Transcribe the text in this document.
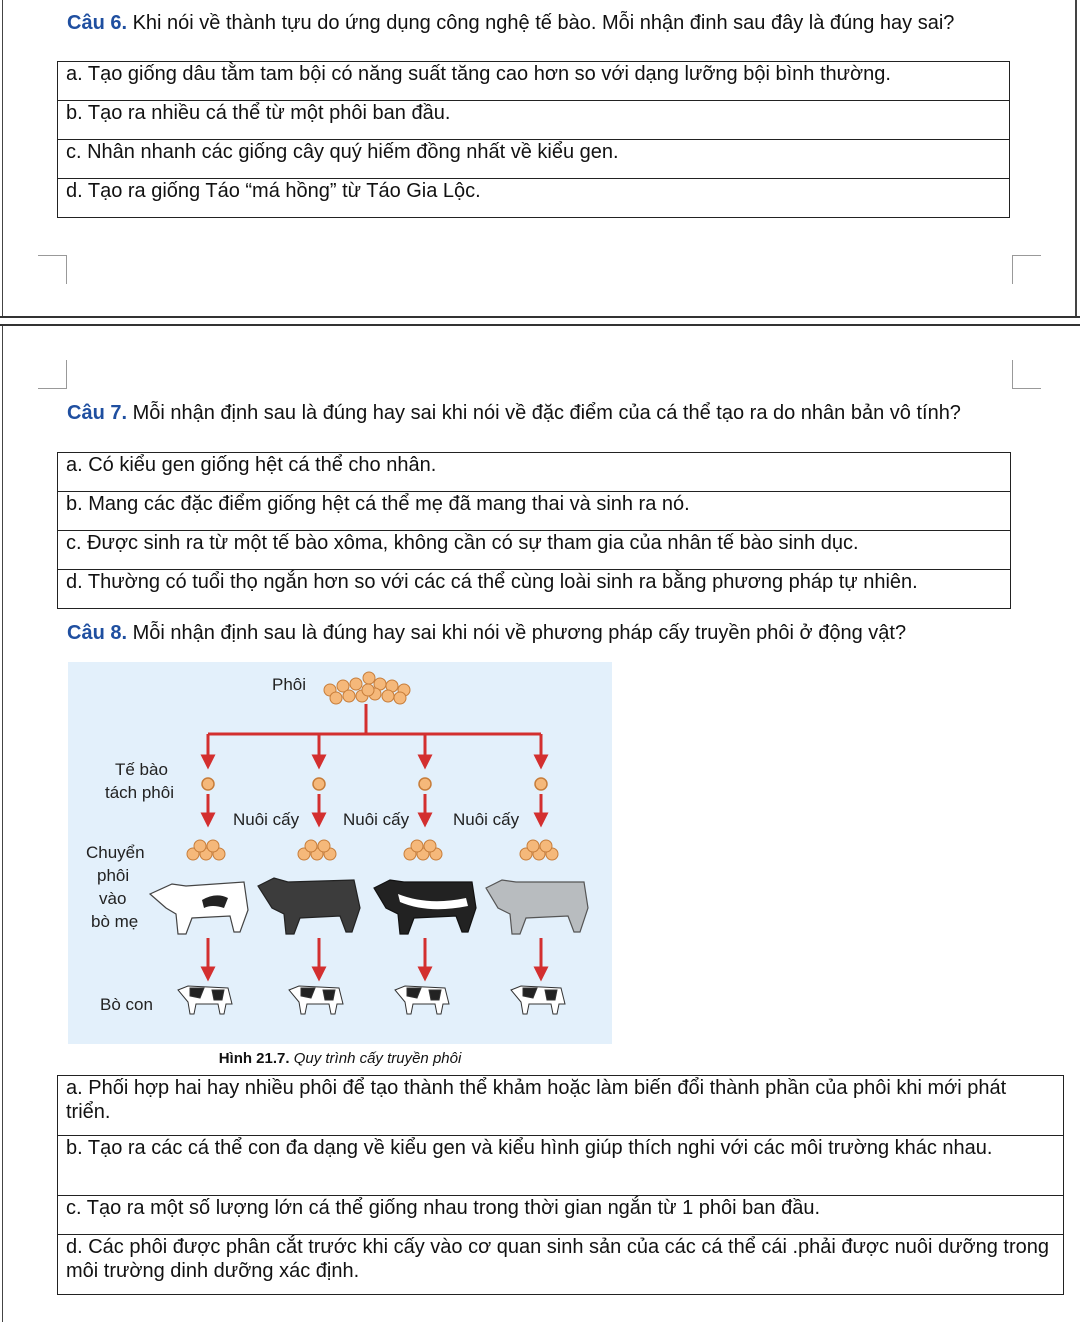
Câu 6. Khi nói về thành tựu do ứng dụng công nghệ tế bào. Mỗi nhận đinh sau đây là đúng hay sai?
a. Tạo giống dâu tằm tam bội có năng suất tăng cao hơn so với dạng lưỡng bội bình thường.
b. Tạo ra nhiều cá thể từ một phôi ban đầu.
c. Nhân nhanh các giống cây quý hiếm đồng nhất về kiểu gen.
d. Tạo ra giống Táo “má hồng” từ Táo Gia Lộc.
Câu 7. Mỗi nhận định sau là đúng hay sai khi nói về đặc điểm của cá thể tạo ra do nhân bản vô tính?
a. Có kiểu gen giống hệt cá thể cho nhân.
b. Mang các đặc điểm giống hệt cá thể mẹ đã mang thai và sinh ra nó.
c. Được sinh ra từ một tế bào xôma, không cần có sự tham gia của nhân tế bào sinh dục.
d. Thường có tuổi thọ ngắn hơn so với các cá thể cùng loài sinh ra bằng phương pháp tự nhiên.
Câu 8. Mỗi nhận định sau là đúng hay sai khi nói về phương pháp cấy truyền phôi ở động vật?
Phôi
Tế bào
tách phôi
Nuôi cấy	Nuôi cấy	Nuôi cấy
Chuyển
phôi
vào
bò mẹ
Bò con
Hình 21.7. Quy trình cấy truyền phôi
a. Phối hợp hai hay nhiều phôi để tạo thành thể khảm hoặc làm biến đổi thành phần của phôi khi mới phát triển.
b. Tạo ra các cá thể con đa dạng về kiểu gen và kiểu hình giúp thích nghi với các môi trường khác nhau.
c. Tạo ra một số lượng lớn cá thể giống nhau trong thời gian ngắn từ 1 phôi ban đầu.
d. Các phôi được phân cắt trước khi cấy vào cơ quan sinh sản của các cá thể cái .phải được nuôi dưỡng trong môi trường dinh dưỡng xác định.
